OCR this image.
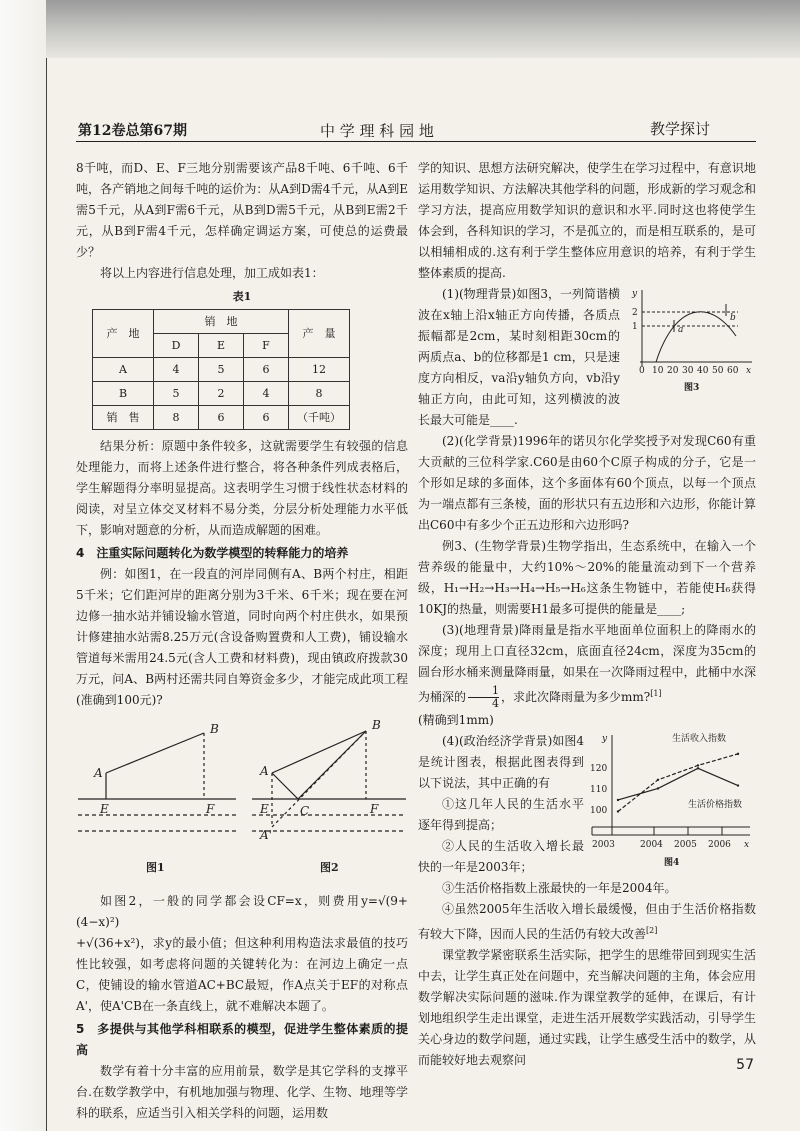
第12卷总第67期	中 学 理 科 园 地	教学探讨

8千吨，而D、E、F三地分别需要该产品8千吨、6千吨、6千吨，各产销地之间每千吨的运价为：从A到D需4千元，从A到E需5千元，从A到F需6千元，从B到D需5千元，从B到E需2千元，从B到F需4千元，怎样确定调运方案，可使总的运费最少？

将以上内容进行信息处理，加工成如表1：

表1
产　地	销　地			产　量
	D	E	F	
A	4	5	6	12
B	5	2	4	8
销　售	8	6	6	（千吨）

结果分析：原题中条件较多，这就需要学生有较强的信息处理能力，而将上述条件进行整合，将各种条件列成表格后，学生解题得分率明显提高。这表明学生习惯于线性状态材料的阅读，对呈立体交叉材料不易分类，分层分析处理能力水平低下，影响对题意的分析，从而造成解题的困难。

4　注重实际问题转化为数学模型的转释能力的培养

例：如图1，在一段直的河岸同侧有A、B两个村庄，相距5千米；它们距河岸的距离分别为3千米、6千米；现在要在河边修一抽水站并铺设输水管道，同时向两个村庄供水，如果预计修建抽水站需8.25万元(含设备购置费和人工费)，铺设输水管道每米需用24.5元(含人工费和材料费)，现由镇政府拨款30万元，问A、B两村还需共同自筹资金多少，才能完成此项工程(准确到100元)?

A
B
E	F
A
B
E	C	F
A'
图1	图2

如图2，一般的同学都会设CF=x，则费用y=√(9+(4−x)²)

+√(36+x²)，求y的最小值；但这种利用构造法求最值的技巧性比较强，如考虑将问题的关键转化为：在河边上确定一点C，使铺设的输水管道AC+BC最短，作A点关于EF的对称点A'，使A'CB在一条直线上，就不难解决本题了。

5　多提供与其他学科相联系的模型，促进学生整体素质的提高

数学有着十分丰富的应用前景，数学是其它学科的支撑平台.在数学教学中，有机地加强与物理、化学、生物、地理等学科的联系，应适当引入相关学科的问题，运用数

学的知识、思想方法研究解决，使学生在学习过程中，有意识地运用数学知识、方法解决其他学科的问题，形成新的学习观念和学习方法，提高应用数学知识的意识和水平.同时这也将使学生体会到，各科知识的学习，不是孤立的，而是相互联系的，是可以相辅相成的.这有利于学生整体应用意识的培养，有利于学生整体素质的提高.

y
x
1
2
a
b
0 10 20 30 40 50 60
图3

(1)(物理背景)如图3，一列简谐横波在x轴上沿x轴正方向传播，各质点振幅都是2cm，某时刻相距30cm的两质点a、b的位移都是1 cm，只是速度方向相反，va沿y轴负方向，vb沿y轴正方向，由此可知，这列横波的波长最大可能是____.

(2)(化学背景)1996年的诺贝尔化学奖授予对发现C60有重大贡献的三位科学家.C60是由60个C原子构成的分子，它是一个形如足球的多面体，这个多面体有60个顶点，以每一个顶点为一端点都有三条棱，面的形状只有五边形和六边形，你能计算出C60中有多少个正五边形和六边形吗?

例3、(生物学背景)生物学指出，生态系统中，在输入一个营养级的能量中，大约10%～20%的能量流动到下一个营养级，H₁→H₂→H₃→H₄→H₅→H₆这条生物链中，若能使H₆获得10KJ的热量，则需要H1最多可提供的能量是____;

(3)(地理背景)降雨量是指水平地面单位面积上的降雨水的深度；现用上口直径32cm，底面直径24cm，深度为35cm的圆台形水桶来测量降雨量，如果在一次降雨过程中，此桶中水深为桶深的 $\frac{1}{4}$ ，求此次降雨量为多少mm?[1]

(精确到1mm)

y
x
100
110
120
2003	2004 2005 2006
生活收入指数
生活价格指数
图4

(4)(政治经济学背景)如图4是统计图表，根据此图表得到以下说法，其中正确的有

①这几年人民的生活水平逐年得到提高；

②人民的生活收入增长最快的一年是2003年；

③生活价格指数上涨最快的一年是2004年。

④虽然2005年生活收入增长最缓慢，但由于生活价格指数有较大下降，因而人民的生活仍有较大改善[2]

课堂教学紧密联系生活实际，把学生的思维带回到现实生活中去，让学生真正处在问题中，充当解决问题的主角，体会应用数学解决实际问题的滋味.作为课堂教学的延伸，在课后，有计划地组织学生走出课堂，走进生活开展数学实践活动，引导学生关心身边的数学问题，通过实践，让学生感受生活中的数学，从而能较好地去观察问	57
